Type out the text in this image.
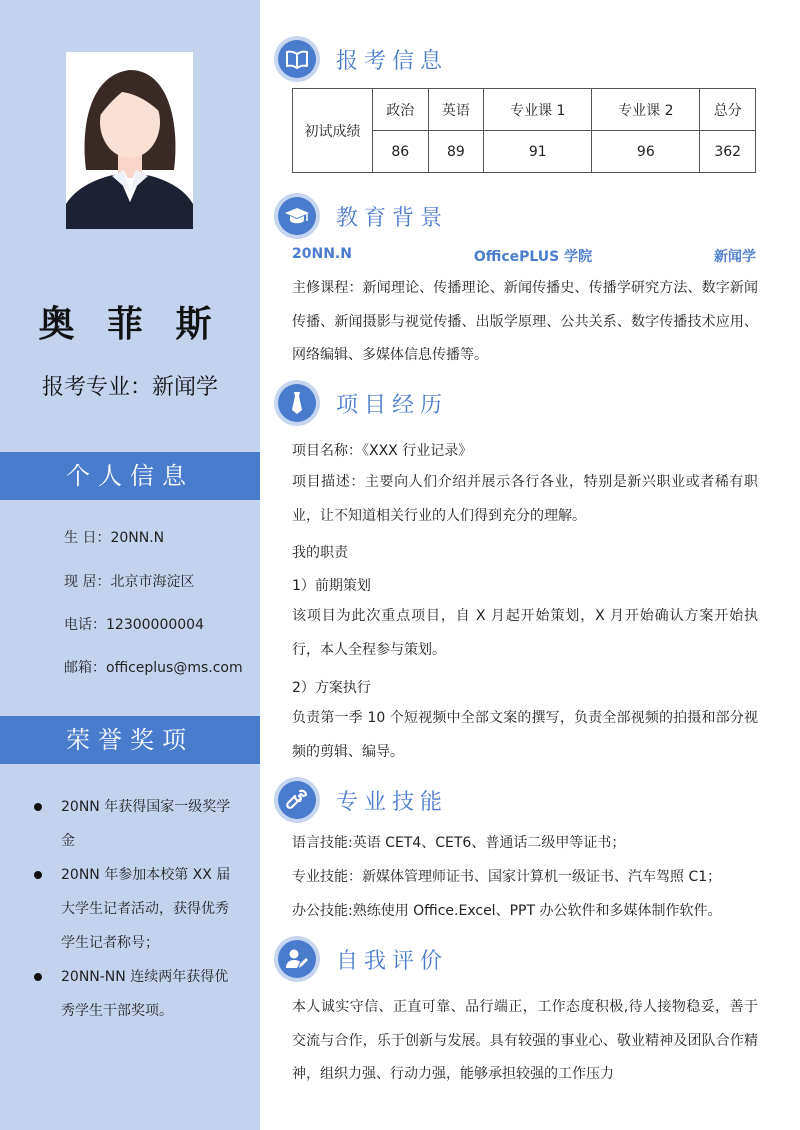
奥 菲 斯
报考专业：新闻学
个人信息
生 日：20NN.N
现 居：北京市海淀区
电话：12300000004
邮箱：officeplus@ms.com
荣誉奖项
20NN 年获得国家一级奖学金
20NN 年参加本校第 XX 届大学生记者活动，获得优秀学生记者称号；
20NN-NN 连续两年获得优秀学生干部奖项。
报考信息
初试成绩	政治	英语	专业课 1	专业课 2	总分
	86	89	91	96	362
教育背景
20NN.N	OfficePLUS 学院	新闻学
主修课程：新闻理论、传播理论、新闻传播史、传播学研究方法、数字新闻传播、新闻摄影与视觉传播、出版学原理、公共关系、数字传播技术应用、网络编辑、多媒体信息传播等。
项目经历
项目名称：《XXX 行业记录》
项目描述：主要向人们介绍并展示各行各业，特别是新兴职业或者稀有职业，让不知道相关行业的人们得到充分的理解。
我的职责
1）前期策划
该项目为此次重点项目，自 X 月起开始策划，X 月开始确认方案开始执行，本人全程参与策划。
2）方案执行
负责第一季 10 个短视频中全部文案的撰写，负责全部视频的拍摄和部分视频的剪辑、编导。
专业技能
语言技能:英语 CET4、CET6、普通话二级甲等证书；
专业技能：新媒体管理师证书、国家计算机一级证书、汽车驾照 C1；
办公技能:熟练使用 Office.Excel、PPT 办公软件和多媒体制作软件。
自我评价
本人诚实守信、正直可靠、品行端正，工作态度积极,待人接物稳妥，善于交流与合作，乐于创新与发展。具有较强的事业心、敬业精神及团队合作精神，组织力强、行动力强，能够承担较强的工作压力
